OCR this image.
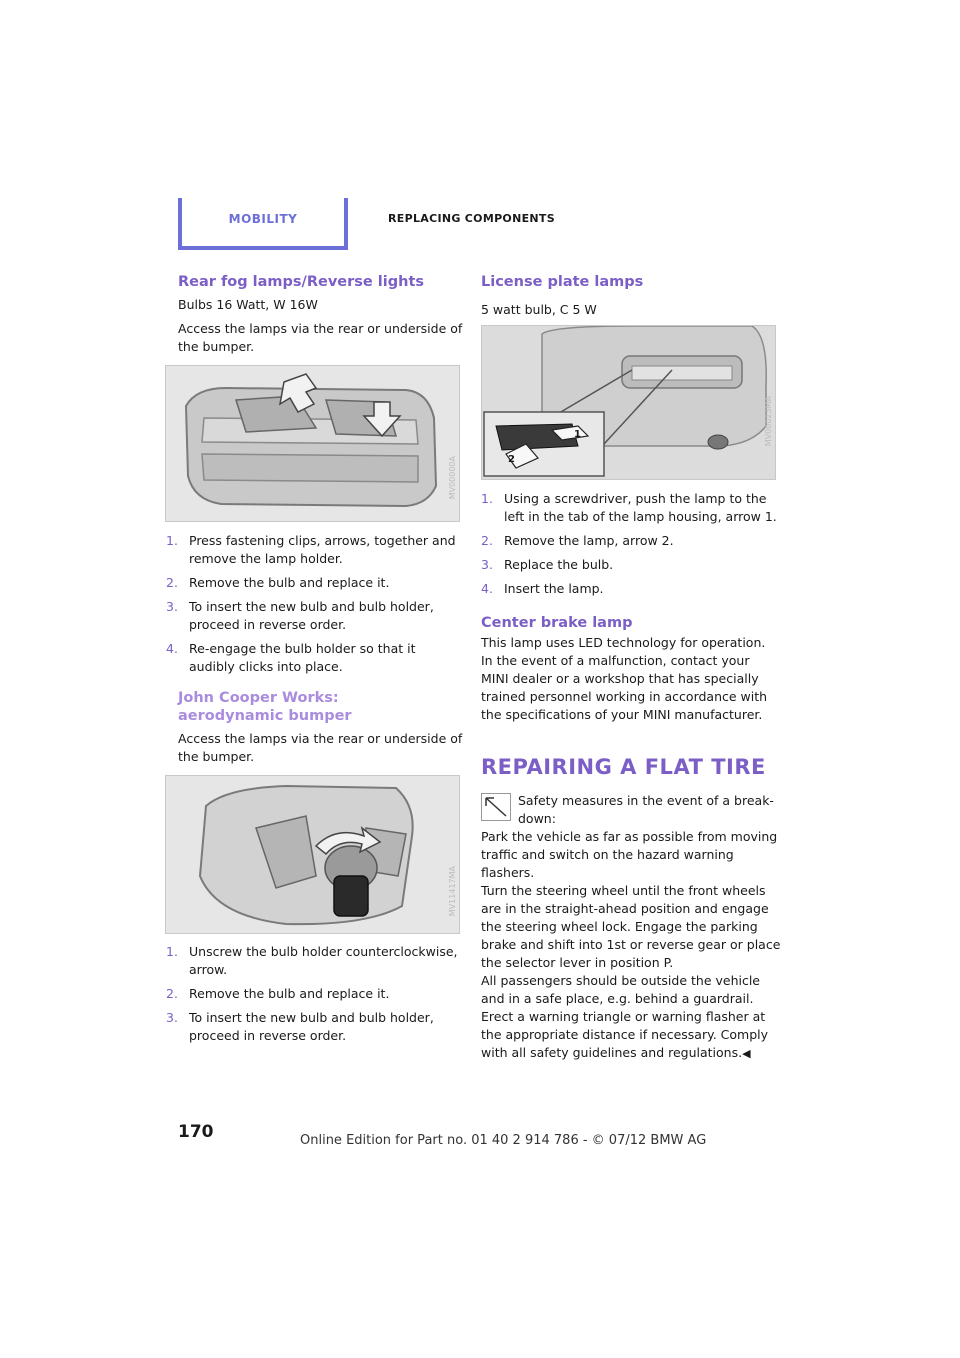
MOBILITY	REPLACING COMPONENTS
Rear fog lamps/Reverse lights
Bulbs 16 Watt, W 16W
Access the lamps via the rear or underside of the bumper.
MV00000A
1. Press fastening clips, arrows, together and remove the lamp holder.
2. Remove the bulb and replace it.
3. To insert the new bulb and bulb holder, proceed in reverse order.
4. Re-engage the bulb holder so that it audibly clicks into place.
John Cooper Works: aerodynamic bumper
Access the lamps via the rear or underside of the bumper.
MV11417MA
1. Unscrew the bulb holder counterclockwise, arrow.
2. Remove the bulb and replace it.
3. To insert the new bulb and bulb holder, proceed in reverse order.
License plate lamps
5 watt bulb, C 5 W
1
2
MV00023MA
1. Using a screwdriver, push the lamp to the left in the tab of the lamp housing, arrow 1.
2. Remove the lamp, arrow 2.
3. Replace the bulb.
4. Insert the lamp.
Center brake lamp
This lamp uses LED technology for operation. In the event of a malfunction, contact your MINI dealer or a workshop that has specially trained personnel working in accordance with the specifications of your MINI manufacturer.
REPAIRING A FLAT TIRE
Safety measures in the event of a break-down:
Park the vehicle as far as possible from moving traffic and switch on the hazard warning flashers.
Turn the steering wheel until the front wheels are in the straight-ahead position and engage the steering wheel lock. Engage the parking brake and shift into 1st or reverse gear or place the selector lever in position P.
All passengers should be outside the vehicle and in a safe place, e.g. behind a guardrail.
Erect a warning triangle or warning flasher at the appropriate distance if necessary. Comply with all safety guidelines and regulations.◀
170	Online Edition for Part no. 01 40 2 914 786 - © 07/12 BMW AG
